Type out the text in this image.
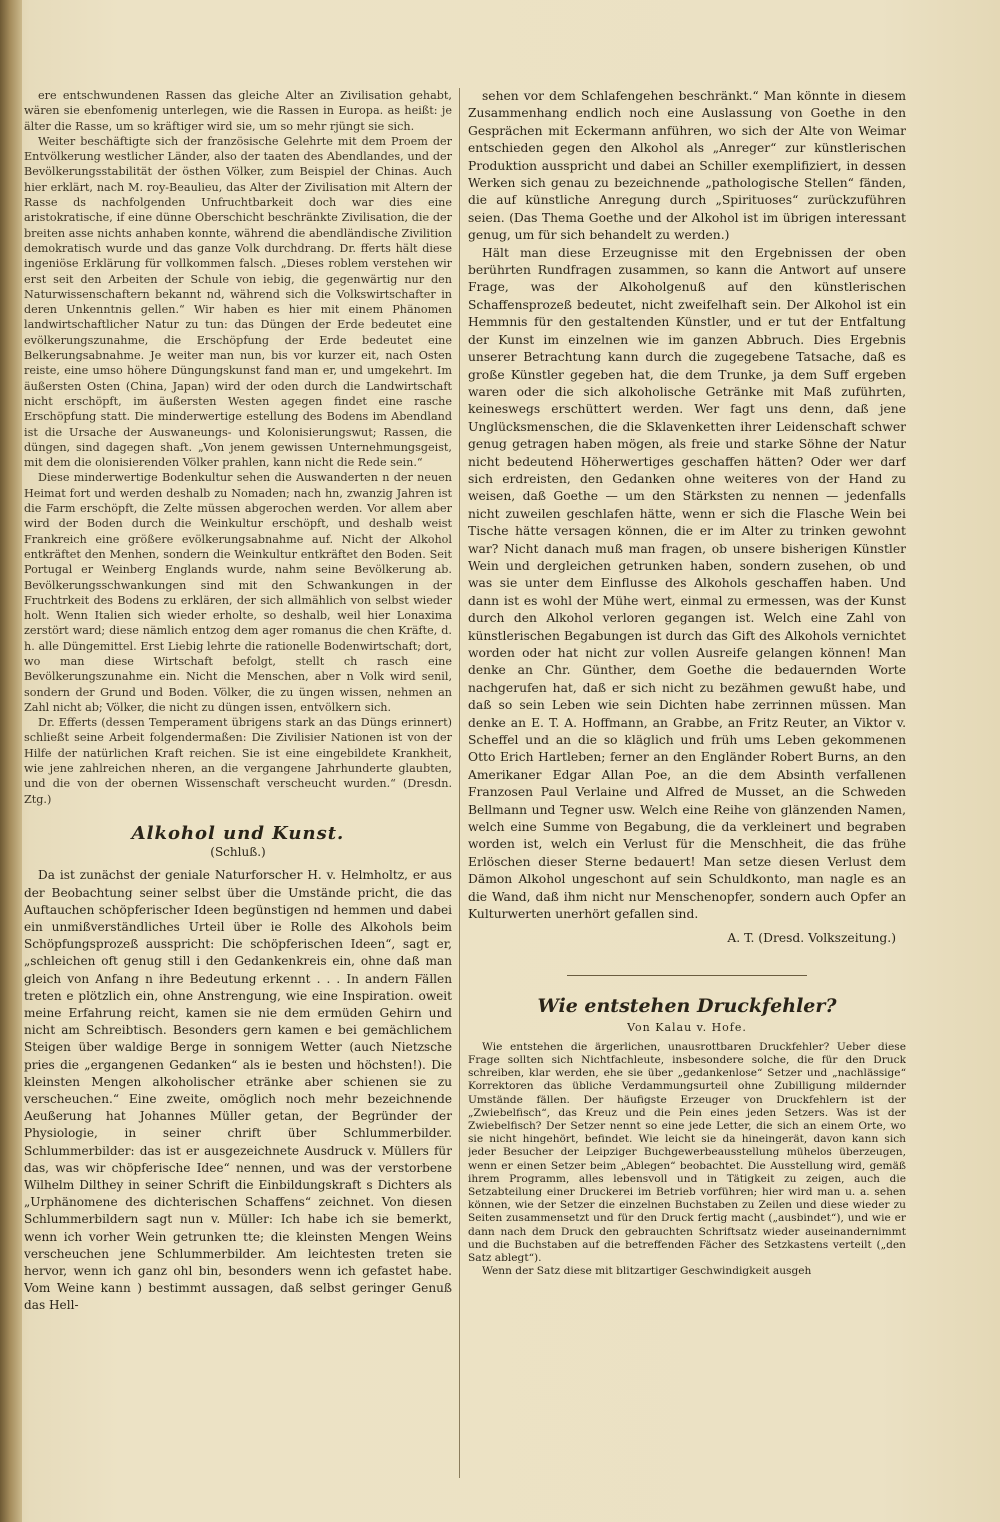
ere entschwundenen Rassen das gleiche Alter an Zivilisation gehabt, wären sie ebenfomenig unterlegen, wie die Rassen in Europa. as heißt: je älter die Rasse, um so kräftiger wird sie, um so mehr rjüngt sie sich.

Weiter beschäftigte sich der französische Gelehrte mit dem Proem der Entvölkerung westlicher Länder, also der taaten des Abendlandes, und der Bevölkerungsstabilität der östhen Völker, zum Beispiel der Chinas. Auch hier erklärt, nach M. roy-Beaulieu, das Alter der Zivilisation mit Altern der Rasse ds nachfolgenden Unfruchtbarkeit doch war dies eine aristokratische, if eine dünne Oberschicht beschränkte Zivilisation, die der breiten asse nichts anhaben konnte, während die abendländische Zivilition demokratisch wurde und das ganze Volk durchdrang. Dr. fferts hält diese ingeniöse Erklärung für vollkommen falsch. „Dieses roblem verstehen wir erst seit den Arbeiten der Schule von iebig, die gegenwärtig nur den Naturwissenschaftern bekannt nd, während sich die Volkswirtschafter in deren Unkenntnis gellen.“ Wir haben es hier mit einem Phänomen landwirtschaftlicher Natur zu tun: das Düngen der Erde bedeutet eine evölkerungszunahme, die Erschöpfung der Erde bedeutet eine Belkerungsabnahme. Je weiter man nun, bis vor kurzer eit, nach Osten reiste, eine umso höhere Düngungskunst fand man er, und umgekehrt. Im äußersten Osten (China, Japan) wird der oden durch die Landwirtschaft nicht erschöpft, im äußersten Westen agegen findet eine rasche Erschöpfung statt. Die minderwertige estellung des Bodens im Abendland ist die Ursache der Auswaneungs- und Kolonisierungswut; Rassen, die düngen, sind dagegen shaft. „Von jenem gewissen Unternehmungsgeist, mit dem die olonisierenden Völker prahlen, kann nicht die Rede sein.“

Diese minderwertige Bodenkultur sehen die Auswanderten n der neuen Heimat fort und werden deshalb zu Nomaden; nach hn, zwanzig Jahren ist die Farm erschöpft, die Zelte müssen abgerochen werden. Vor allem aber wird der Boden durch die Weinkultur erschöpft, und deshalb weist Frankreich eine größere evölkerungsabnahme auf. Nicht der Alkohol entkräftet den Menhen, sondern die Weinkultur entkräftet den Boden. Seit Portugal er Weinberg Englands wurde, nahm seine Bevölkerung ab. Bevölkerungsschwankungen sind mit den Schwankungen in der Fruchtrkeit des Bodens zu erklären, der sich allmählich von selbst wieder holt. Wenn Italien sich wieder erholte, so deshalb, weil hier Lonaxima zerstört ward; diese nämlich entzog dem ager romanus die chen Kräfte, d. h. alle Düngemittel. Erst Liebig lehrte die rationelle Bodenwirtschaft; dort, wo man diese Wirtschaft befolgt, stellt ch rasch eine Bevölkerungszunahme ein. Nicht die Menschen, aber n Volk wird senil, sondern der Grund und Boden. Völker, die zu üngen wissen, nehmen an Zahl nicht ab; Völker, die nicht zu düngen issen, entvölkern sich.

Dr. Efferts (dessen Temperament übrigens stark an das Düngs erinnert) schließt seine Arbeit folgendermaßen: Die Zivilisier Nationen ist von der Hilfe der natürlichen Kraft reichen. Sie ist eine eingebildete Krankheit, wie jene zahlreichen nheren, an die vergangene Jahrhunderte glaubten, und die von der obernen Wissenschaft verscheucht wurden.“ (Dresdn. Ztg.)

Alkohol und Kunst.
(Schluß.)

Da ist zunächst der geniale Naturforscher H. v. Helmholtz, er aus der Beobachtung seiner selbst über die Umstände pricht, die das Auftauchen schöpferischer Ideen begünstigen nd hemmen und dabei ein unmißverständliches Urteil über ie Rolle des Alkohols beim Schöpfungsprozeß ausspricht: Die schöpferischen Ideen“, sagt er, „schleichen oft genug still i den Gedankenkreis ein, ohne daß man gleich von Anfang n ihre Bedeutung erkennt . . . In andern Fällen treten e plötzlich ein, ohne Anstrengung, wie eine Inspiration. oweit meine Erfahrung reicht, kamen sie nie dem ermüden Gehirn und nicht am Schreibtisch. Besonders gern kamen e bei gemächlichem Steigen über waldige Berge in sonnigem Wetter (auch Nietzsche pries die „ergangenen Gedanken“ als ie besten und höchsten!). Die kleinsten Mengen alkoholischer etränke aber schienen sie zu verscheuchen.“ Eine zweite, omöglich noch mehr bezeichnende Aeußerung hat Johannes Müller getan, der Begründer der Physiologie, in seiner chrift über Schlummerbilder. Schlummerbilder: das ist er ausgezeichnete Ausdruck v. Müllers für das, was wir chöpferische Idee“ nennen, und was der verstorbene Wilhelm Dilthey in seiner Schrift die Einbildungskraft s Dichters als „Urphänomene des dichterischen Schaffens“ zeichnet. Von diesen Schlummerbildern sagt nun v. Müller: Ich habe ich sie bemerkt, wenn ich vorher Wein getrunken tte; die kleinsten Mengen Weins verscheuchen jene Schlummerbilder. Am leichtesten treten sie hervor, wenn ich ganz ohl bin, besonders wenn ich gefastet habe. Vom Weine kann ) bestimmt aussagen, daß selbst geringer Genuß das Hell-

sehen vor dem Schlafengehen beschränkt.“ Man könnte in diesem Zusammenhang endlich noch eine Auslassung von Goethe in den Gesprächen mit Eckermann anführen, wo sich der Alte von Weimar entschieden gegen den Alkohol als „Anreger“ zur künstlerischen Produktion ausspricht und dabei an Schiller exemplifiziert, in dessen Werken sich genau zu bezeichnende „pathologische Stellen“ fänden, die auf künstliche Anregung durch „Spirituoses“ zurückzuführen seien. (Das Thema Goethe und der Alkohol ist im übrigen interessant genug, um für sich behandelt zu werden.)

Hält man diese Erzeugnisse mit den Ergebnissen der oben berührten Rundfragen zusammen, so kann die Antwort auf unsere Frage, was der Alkoholgenuß auf den künstlerischen Schaffensprozeß bedeutet, nicht zweifelhaft sein. Der Alkohol ist ein Hemmnis für den gestaltenden Künstler, und er tut der Entfaltung der Kunst im einzelnen wie im ganzen Abbruch. Dies Ergebnis unserer Betrachtung kann durch die zugegebene Tatsache, daß es große Künstler gegeben hat, die dem Trunke, ja dem Suff ergeben waren oder die sich alkoholische Getränke mit Maß zuführten, keineswegs erschüttert werden. Wer fagt uns denn, daß jene Unglücksmenschen, die die Sklavenketten ihrer Leidenschaft schwer genug getragen haben mögen, als freie und starke Söhne der Natur nicht bedeutend Höherwertiges geschaffen hätten? Oder wer darf sich erdreisten, den Gedanken ohne weiteres von der Hand zu weisen, daß Goethe — um den Stärksten zu nennen — jedenfalls nicht zuweilen geschlafen hätte, wenn er sich die Flasche Wein bei Tische hätte versagen können, die er im Alter zu trinken gewohnt war? Nicht danach muß man fragen, ob unsere bisherigen Künstler Wein und dergleichen getrunken haben, sondern zusehen, ob und was sie unter dem Einflusse des Alkohols geschaffen haben. Und dann ist es wohl der Mühe wert, einmal zu ermessen, was der Kunst durch den Alkohol verloren gegangen ist. Welch eine Zahl von künstlerischen Begabungen ist durch das Gift des Alkohols vernichtet worden oder hat nicht zur vollen Ausreife gelangen können! Man denke an Chr. Günther, dem Goethe die bedauernden Worte nachgerufen hat, daß er sich nicht zu bezähmen gewußt habe, und daß so sein Leben wie sein Dichten habe zerrinnen müssen. Man denke an E. T. A. Hoffmann, an Grabbe, an Fritz Reuter, an Viktor v. Scheffel und an die so kläglich und früh ums Leben gekommenen Otto Erich Hartleben; ferner an den Engländer Robert Burns, an den Amerikaner Edgar Allan Poe, an die dem Absinth verfallenen Franzosen Paul Verlaine und Alfred de Musset, an die Schweden Bellmann und Tegner usw. Welch eine Reihe von glänzenden Namen, welch eine Summe von Begabung, die da verkleinert und begraben worden ist, welch ein Verlust für die Menschheit, die das frühe Erlöschen dieser Sterne bedauert! Man setze diesen Verlust dem Dämon Alkohol ungeschont auf sein Schuldkonto, man nagle es an die Wand, daß ihm nicht nur Menschenopfer, sondern auch Opfer an Kulturwerten unerhört gefallen sind.

A. T. (Dresd. Volkszeitung.)
Wie entstehen Druckfehler?
Von Kalau v. Hofe.

Wie entstehen die ärgerlichen, unausrottbaren Druckfehler? Ueber diese Frage sollten sich Nichtfachleute, insbesondere solche, die für den Druck schreiben, klar werden, ehe sie über „gedankenlose“ Setzer und „nachlässige“ Korrektoren das übliche Verdammungsurteil ohne Zubilligung mildernder Umstände fällen. Der häufigste Erzeuger von Druckfehlern ist der „Zwiebelfisch“, das Kreuz und die Pein eines jeden Setzers. Was ist der Zwiebelfisch? Der Setzer nennt so eine jede Letter, die sich an einem Orte, wo sie nicht hingehört, befindet. Wie leicht sie da hineingerät, davon kann sich jeder Besucher der Leipziger Buchgewerbeausstellung mühelos überzeugen, wenn er einen Setzer beim „Ablegen“ beobachtet. Die Ausstellung wird, gemäß ihrem Programm, alles lebensvoll und in Tätigkeit zu zeigen, auch die Setzabteilung einer Druckerei im Betrieb vorführen; hier wird man u. a. sehen können, wie der Setzer die einzelnen Buchstaben zu Zeilen und diese wieder zu Seiten zusammensetzt und für den Druck fertig macht („ausbindet“), und wie er dann nach dem Druck den gebrauchten Schriftsatz wieder auseinandernimmt und die Buchstaben auf die betreffenden Fächer des Setzkastens verteilt („den Satz ablegt“).

Wenn der Satz diese mit blitzartiger Geschwindigkeit ausgeh
